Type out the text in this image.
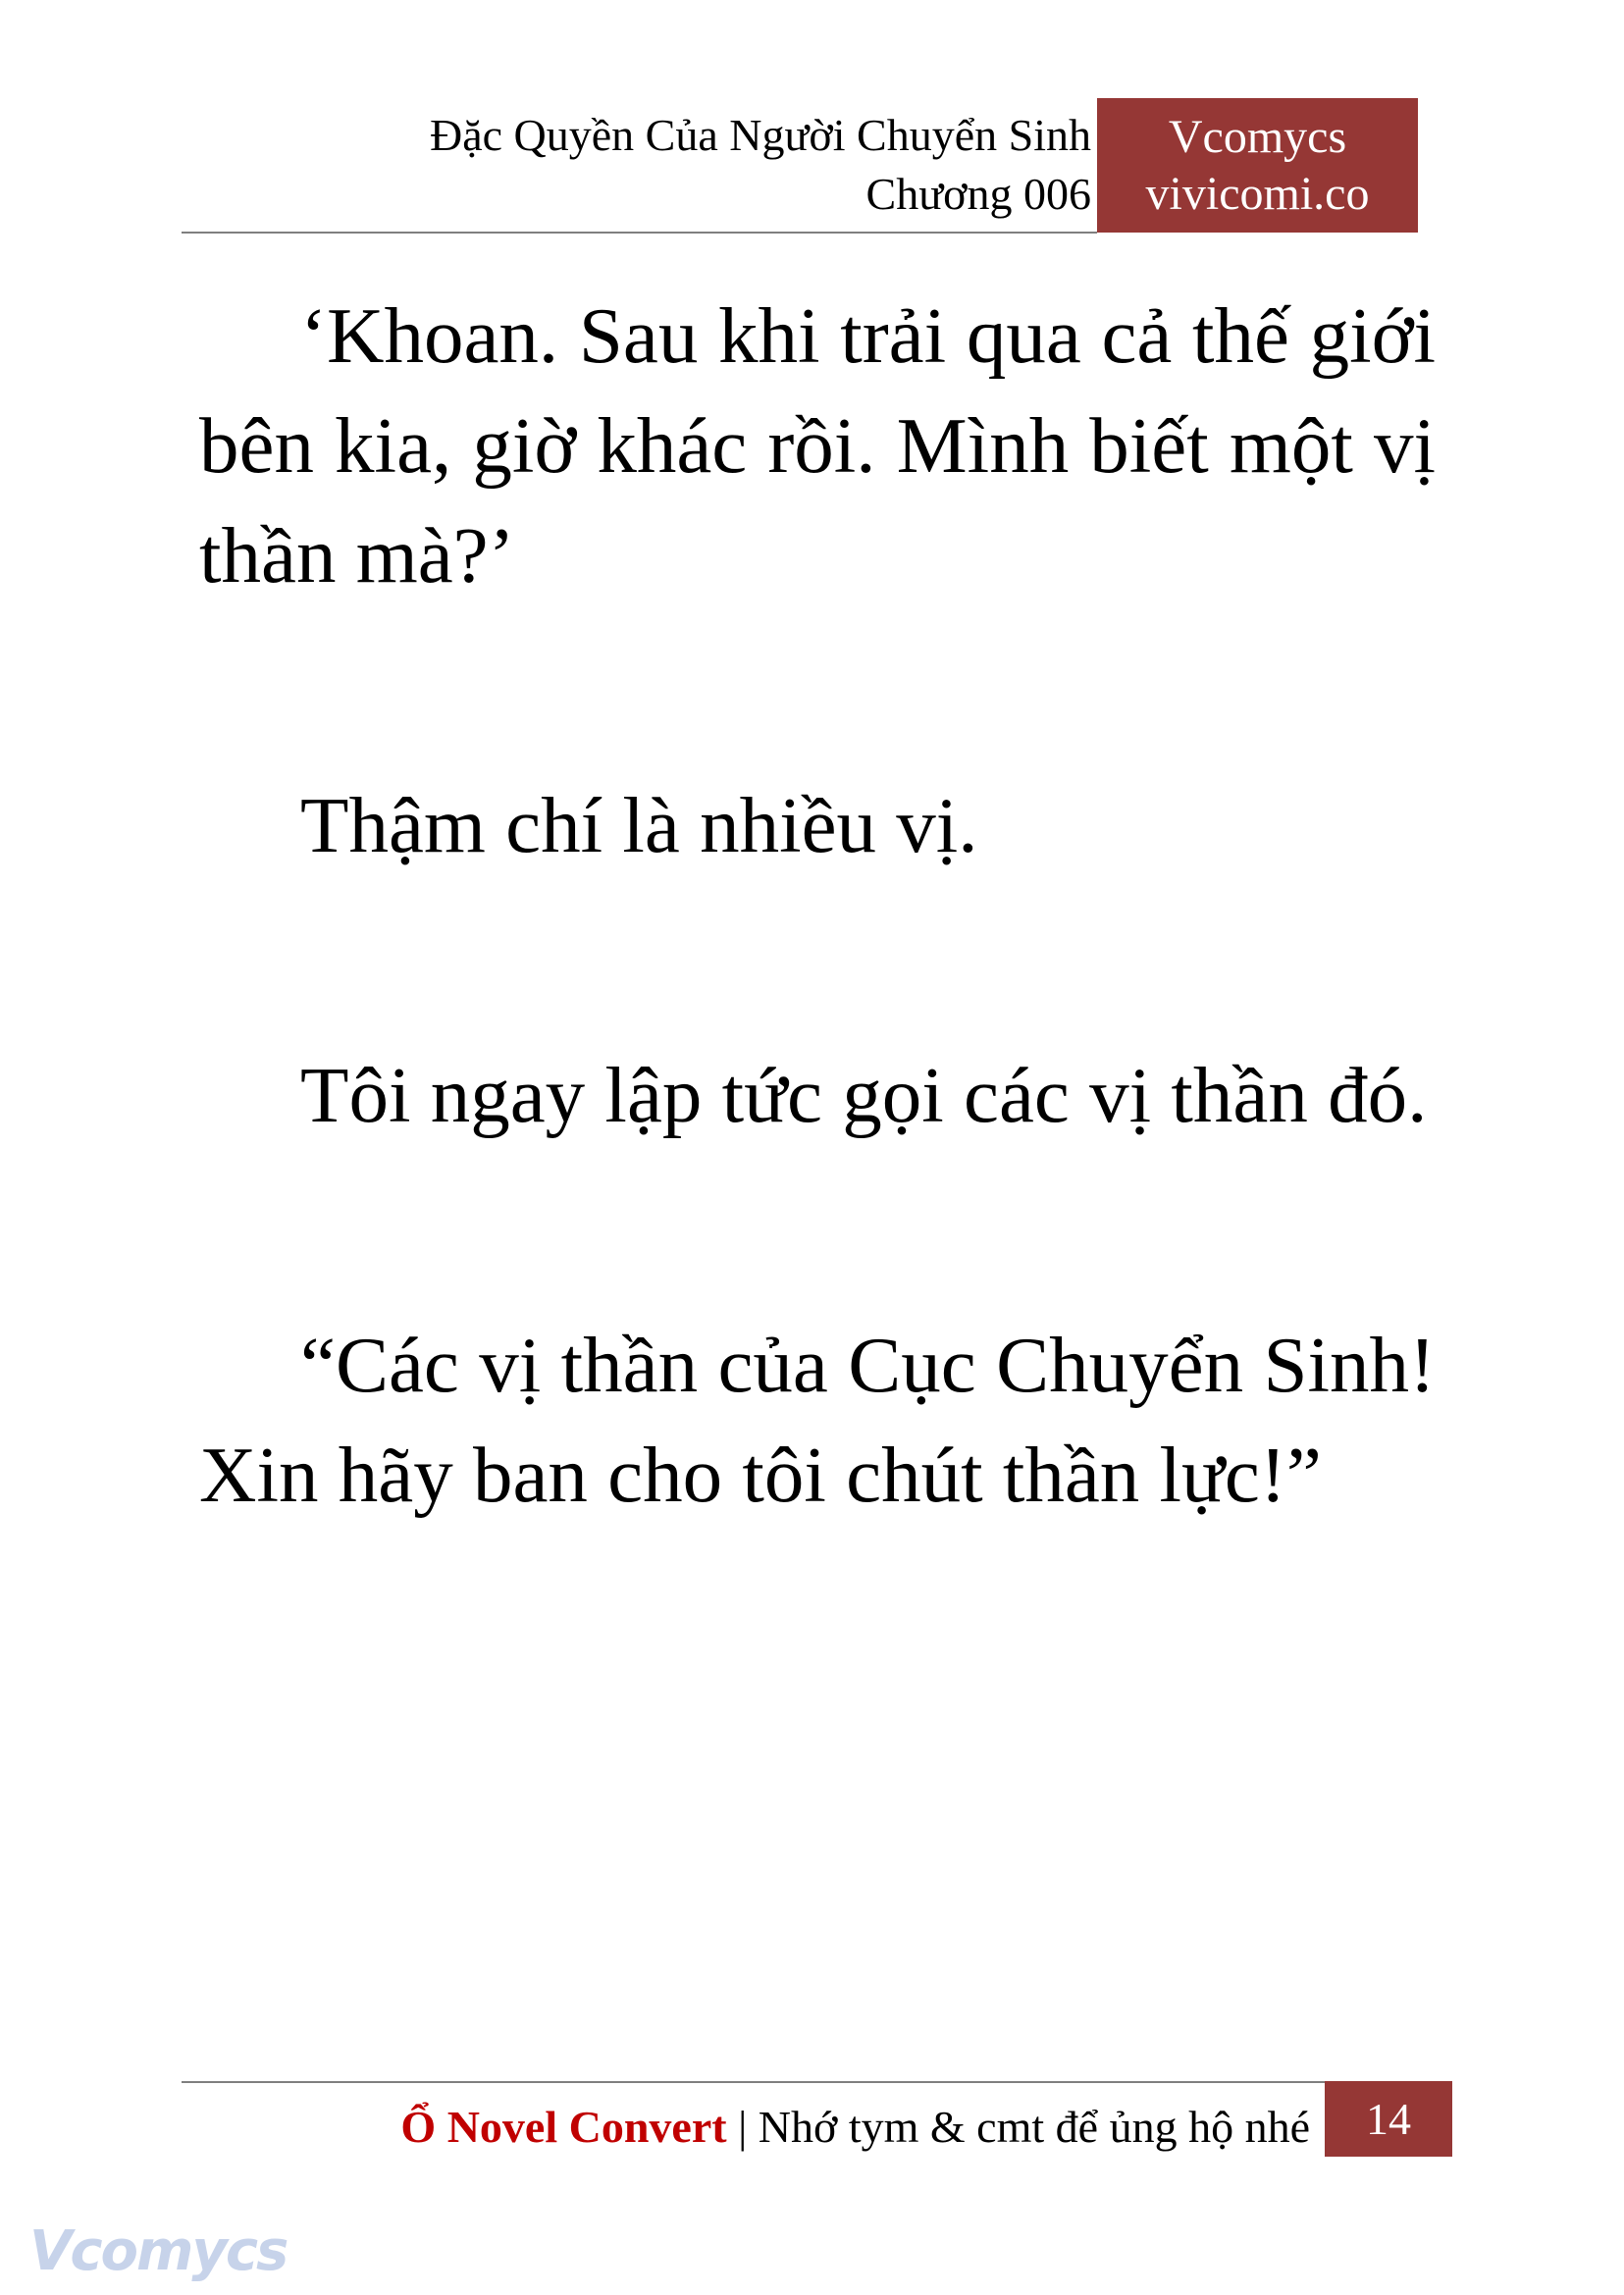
Đặc Quyền Của Người Chuyển Sinh
Chương 006
Vcomycs
vivicomi.co

‘Khoan. Sau khi trải qua cả thế giới bên kia, giờ khác rồi. Mình biết một vị thần mà?’

Thậm chí là nhiều vị.

Tôi ngay lập tức gọi các vị thần đó.

“Các vị thần của Cục Chuyển Sinh! Xin hãy ban cho tôi chút thần lực!”

Ổ Novel Convert | Nhớ tym & cmt để ủng hộ nhé	14
Vcomycs
